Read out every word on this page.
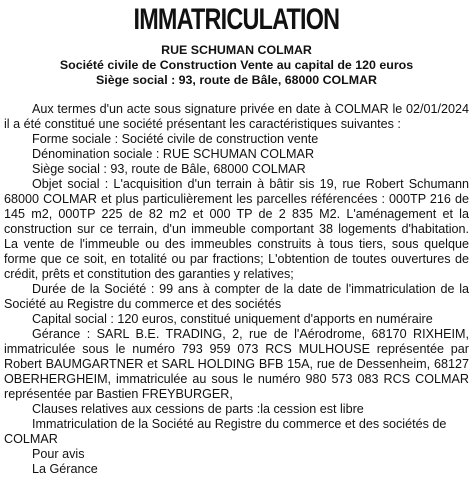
IMMATRICULATION
RUE SCHUMAN COLMAR
Société civile de Construction Vente au capital de 120 euros
Siège social : 93, route de Bâle, 68000 COLMAR

Aux termes d'un acte sous signature privée en date à COLMAR le 02/01/2024 il a été constitué une société présentant les caractéristiques suivantes :

Forme sociale : Société civile de construction vente

Dénomination sociale : RUE SCHUMAN COLMAR

Siège social : 93, route de Bâle, 68000 COLMAR

Objet social : L'acquisition d'un terrain à bâtir sis 19, rue Robert Schumann 68000 COLMAR et plus particulièrement les parcelles référencées : 000TP 216 de 145 m2, 000TP 225 de 82 m2 et 000 TP de 2 835 M2. L'aménagement et la construction sur ce terrain, d'un immeuble comportant 38 logements d'habitation. La vente de l'immeuble ou des immeubles construits à tous tiers, sous quelque forme que ce soit, en totalité ou par fractions; L'obtention de toutes ouvertures de crédit, prêts et constitution des garanties y relatives;

Durée de la Société : 99 ans à compter de la date de l'immatriculation de la Société au Registre du commerce et des sociétés

Capital social : 120 euros, constitué uniquement d'apports en numéraire

Gérance : SARL B.E. TRADING, 2, rue de l'Aérodrome, 68170 RIXHEIM, immatriculée sous le numéro 793 959 073 RCS MULHOUSE représentée par Robert BAUMGARTNER et SARL HOLDING BFB 15A, rue de Dessenheim, 68127 OBERHERGHEIM, immatriculée au sous le numéro 980 573 083 RCS COLMAR représentée par Bastien FREYBURGER,

Clauses relatives aux cessions de parts :la cession est libre

Immatriculation de la Société au Registre du commerce et des sociétés de COLMAR

Pour avis

La Gérance
